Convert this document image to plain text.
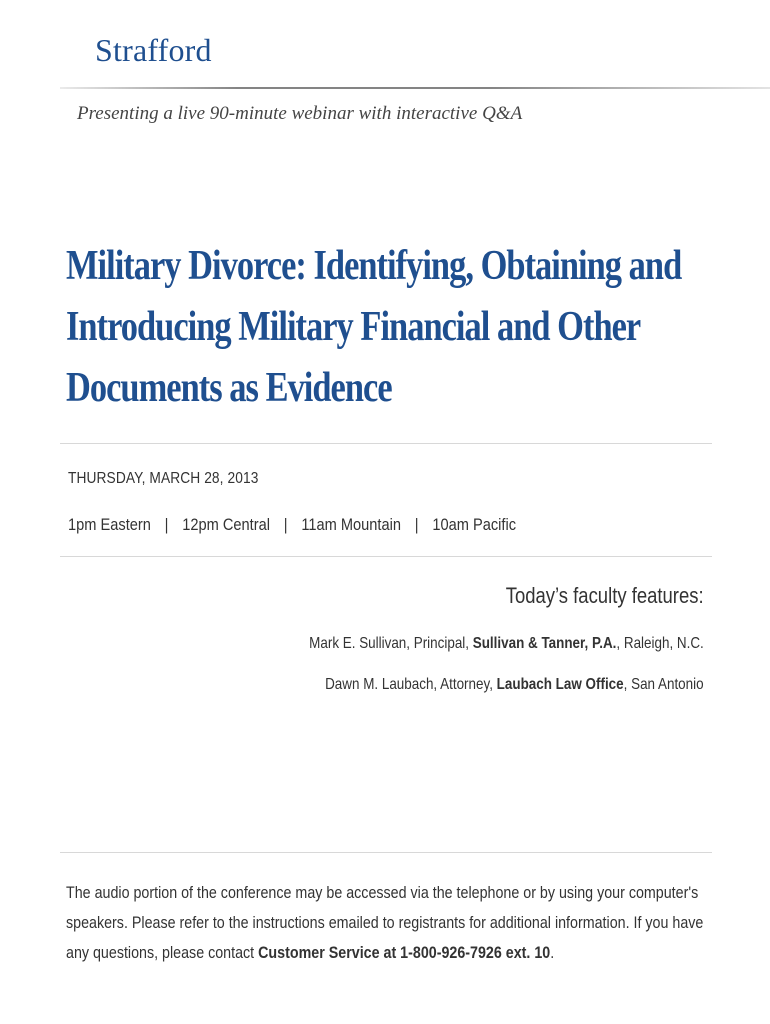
Strafford
Presenting a live 90-minute webinar with interactive Q&A
Military Divorce: Identifying, Obtaining and
Introducing Military Financial and Other
Documents as Evidence
THURSDAY, MARCH 28, 2013
1pm Eastern | 12pm Central | 11am Mountain | 10am Pacific
Today’s faculty features:
Mark E. Sullivan, Principal, Sullivan & Tanner, P.A., Raleigh, N.C.
Dawn M. Laubach, Attorney, Laubach Law Office, San Antonio
The audio portion of the conference may be accessed via the telephone or by using your computer's speakers. Please refer to the instructions emailed to registrants for additional information. If you have any questions, please contact Customer Service at 1-800-926-7926 ext. 10.
